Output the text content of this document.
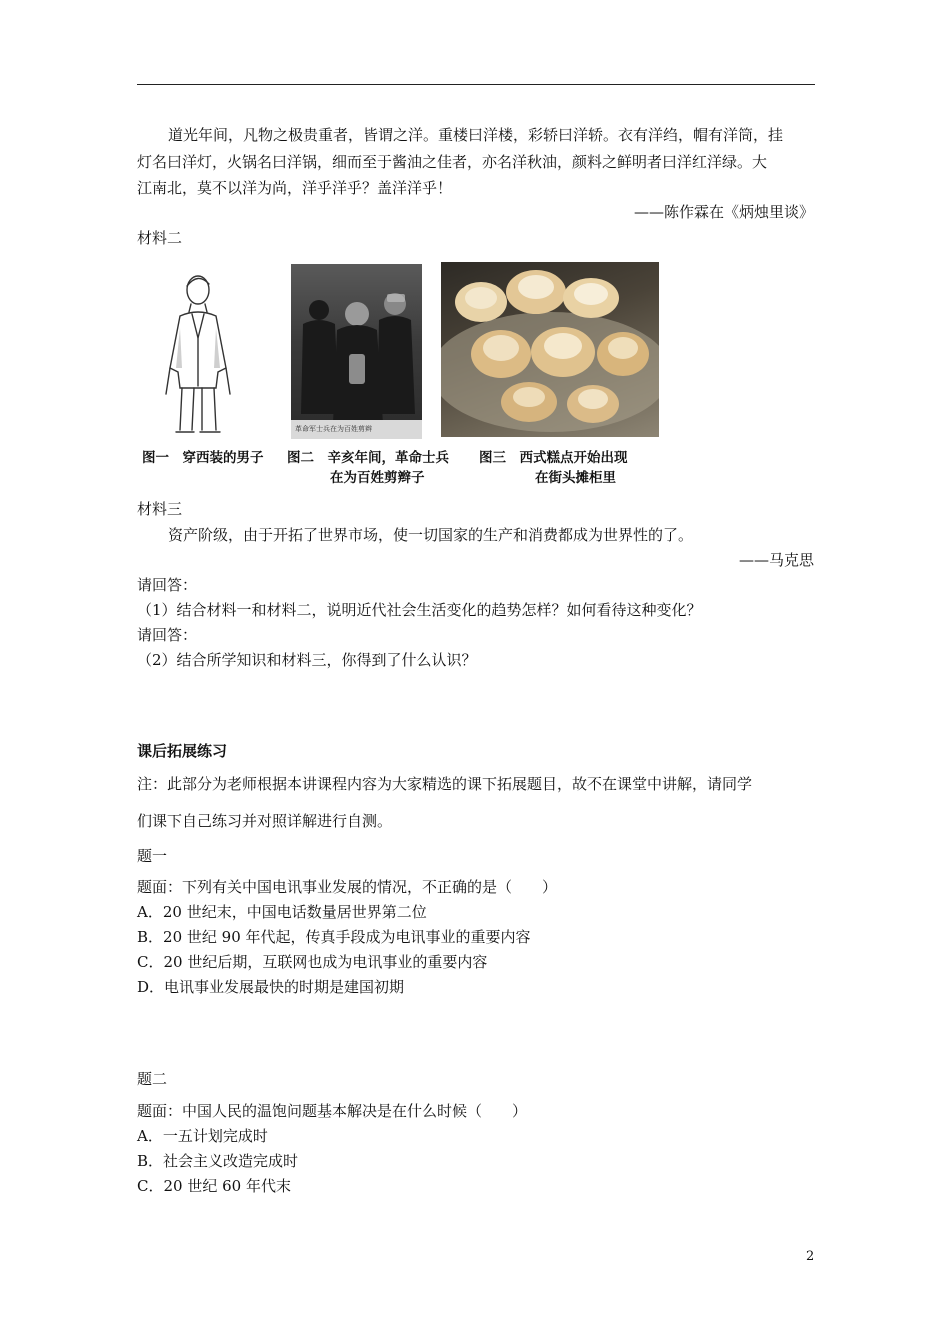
道光年间，凡物之极贵重者，皆谓之洋。重楼曰洋楼，彩轿曰洋轿。衣有洋绉，帽有洋筒，挂
灯名曰洋灯，火锅名曰洋锅，细而至于酱油之佳者，亦名洋秋油，颜料之鲜明者曰洋红洋绿。大
江南北，莫不以洋为尚，洋乎洋乎？盖洋洋乎！
——陈作霖在《炳烛里谈》
材料二
革命军士兵在为百姓剪辫
图一　穿西装的男子 图二　辛亥年间，革命士兵
在为百姓剪辫子
图三　西式糕点开始出现
在街头摊柜里
材料三
资产阶级，由于开拓了世界市场，使一切国家的生产和消费都成为世界性的了。
——马克思
请回答：
（1）结合材料一和材料二，说明近代社会生活变化的趋势怎样？如何看待这种变化？
请回答：
（2）结合所学知识和材料三，你得到了什么认识？
课后拓展练习
注：此部分为老师根据本讲课程内容为大家精选的课下拓展题目，故不在课堂中讲解，请同学
们课下自己练习并对照详解进行自测。
题一
题面：下列有关中国电讯事业发展的情况，不正确的是（　　）
A．20 世纪末，中国电话数量居世界第二位
B．20 世纪 90 年代起，传真手段成为电讯事业的重要内容
C．20 世纪后期，互联网也成为电讯事业的重要内容
D．电讯事业发展最快的时期是建国初期
题二
题面：中国人民的温饱问题基本解决是在什么时候（　　）
A．一五计划完成时
B．社会主义改造完成时
C．20 世纪 60 年代末
2
